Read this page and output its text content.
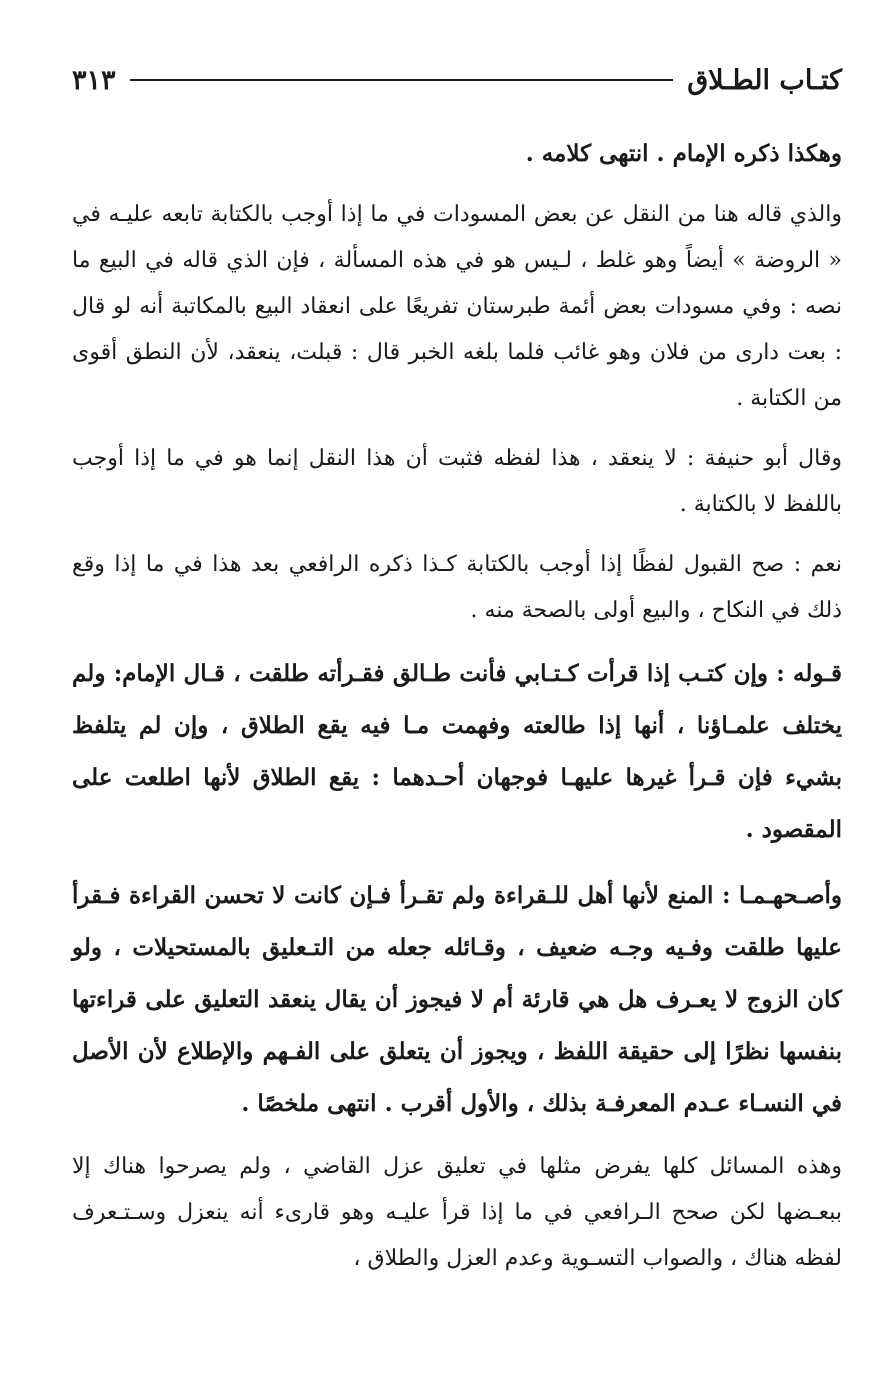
كتـاب الطـلاق
٣١٣

وهكذا ذكره الإمام . انتهى كلامه .

والذي قاله هنا من النقل عن بعض المسودات في ما إذا أوجب بالكتابة تابعه عليـه في « الروضة » أيضاً وهو غلط ، لـيس هو في هذه المسألة ، فإن الذي قاله في البيع ما نصه : وفي مسودات بعض أئمة طبرستان تفريعًا على انعقاد البيع بالمكاتبة أنه لو قال : بعت دارى من فلان وهو غائب فلما بلغه الخبر قال : قبلت، ينعقد، لأن النطق أقوى من الكتابة .

وقال أبو حنيفة : لا ينعقد ، هذا لفظه فثبت أن هذا النقل إنما هو في ما إذا أوجب باللفظ لا بالكتابة .

نعم : صح القبول لفظًا إذا أوجب بالكتابة كـذا ذكره الرافعي بعد هذا في ما إذا وقع ذلك في النكاح ، والبيع أولى بالصحة منه .

قـوله : وإن كتـب إذا قرأت كـتـابي فأنت طـالق فقـرأته طلقت ، قـال الإمام: ولم يختلف علمـاؤنا ، أنها إذا طالعته وفهمت مـا فيه يقع الطلاق ، وإن لم يتلفظ بشيء فإن قـرأ غيرها عليهـا فوجهان أحـدهما : يقع الطلاق لأنها اطلعت على المقصود .

وأصـحهـمـا : المنع لأنها أهل للـقراءة ولم تقـرأ فـإن كانت لا تحسن القراءة فـقرأ عليها طلقت وفـيه وجـه ضعيف ، وقـائله جعله من التـعليق بالمستحيلات ، ولو كان الزوج لا يعـرف هل هي قارئة أم لا فيجوز أن يقال ينعقد التعليق على قراءتها بنفسها نظرًا إلى حقيقة اللفظ ، ويجوز أن يتعلق على الفـهم والإطلاع لأن الأصل في النسـاء عـدم المعرفـة بذلك ، والأول أقرب . انتهى ملخصًا .

وهذه المسائل كلها يفرض مثلها في تعليق عزل القاضي ، ولم يصرحوا هناك إلا ببعـضها لكن صحح الـرافعي في ما إذا قرأ عليـه وهو قارىء أنه ينعزل وسـتـعرف لفظه هناك ، والصواب التسـوية وعدم العزل والطلاق ،
